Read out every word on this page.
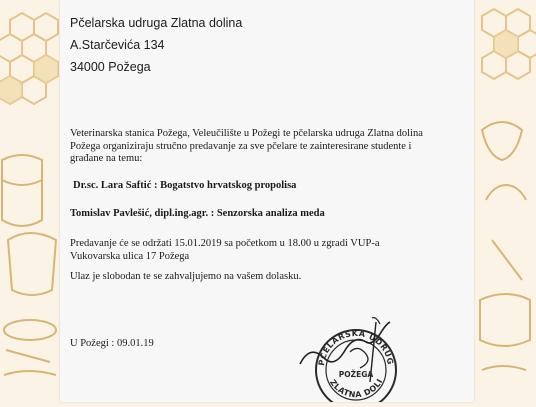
Pčelarska udruga Zlatna dolina
A.Starčevića 134
34000 Požega
Veterinarska stanica Požega, Veleučilište u Požegi te pčelarska udruga Zlatna dolina Požega organiziraju stručno predavanje za sve pčelare te zainteresirane studente i građane na temu:
Dr.sc. Lara Saftić : Bogatstvo hrvatskog propolisa
Tomislav Pavlešić, dipl.ing.agr. : Senzorska analiza meda
Predavanje će se održati 15.01.2019 sa početkom u 18.00 u zgradi VUP-a Vukovarska ulica 17 Požega
Ulaz je slobodan te se zahvaljujemo na vašem dolasku.
U Požegi : 09.01.19
PČELARSKA UDRUG
ZLATNA DOLI
POŽEGA
